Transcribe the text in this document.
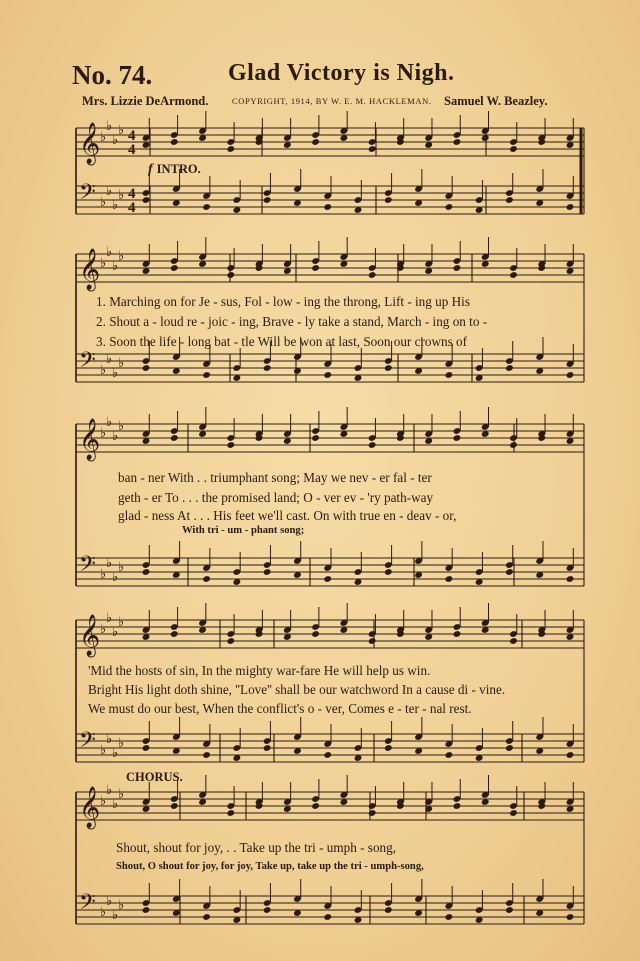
No. 74.	Glad Victory is Nigh.
Mrs. Lizzie DeArmond.	COPYRIGHT, 1914, BY W. E. M. HACKLEMAN. Samuel W. Beazley.
𝄞 ♭
♭
♭
♭
𝄢 ♭
♭
♭
♭
4
4
4
4
f INTRO.
𝄞 ♭
♭
♭
♭
𝄢 ♭
♭
♭
♭
1. Marching on for Je - sus, Fol - low - ing the throng, Lift - ing up His
2. Shout a - loud re - joic - ing, Brave - ly take a stand, March - ing on to -
3. Soon the life - long bat - tle Will be won at last, Soon our crowns of
𝄞 ♭
♭
♭
♭
𝄢 ♭
♭
♭
♭
ban - ner With . . triumphant song; May we nev - er fal - ter
geth - er To . . . the promised land; O - ver ev - 'ry path-way
glad - ness At . . . His feet we'll cast. On with true en - deav - or,
With tri - um - phant song;
𝄞 ♭
♭
♭
♭
𝄢 ♭
♭
♭
♭
'Mid the hosts of sin, In the mighty war-fare He will help us win.
Bright His light doth shine, ''Love'' shall be our watchword In a cause di - vine.
We must do our best, When the conflict's o - ver, Comes e - ter - nal rest.
CHORUS.
𝄞 ♭
♭
♭
♭
𝄢 ♭
♭
♭
♭
Shout, shout for joy, . . Take up the tri - umph - song,
Shout, O shout for joy, for joy, Take up, take up the tri - umph-song,
